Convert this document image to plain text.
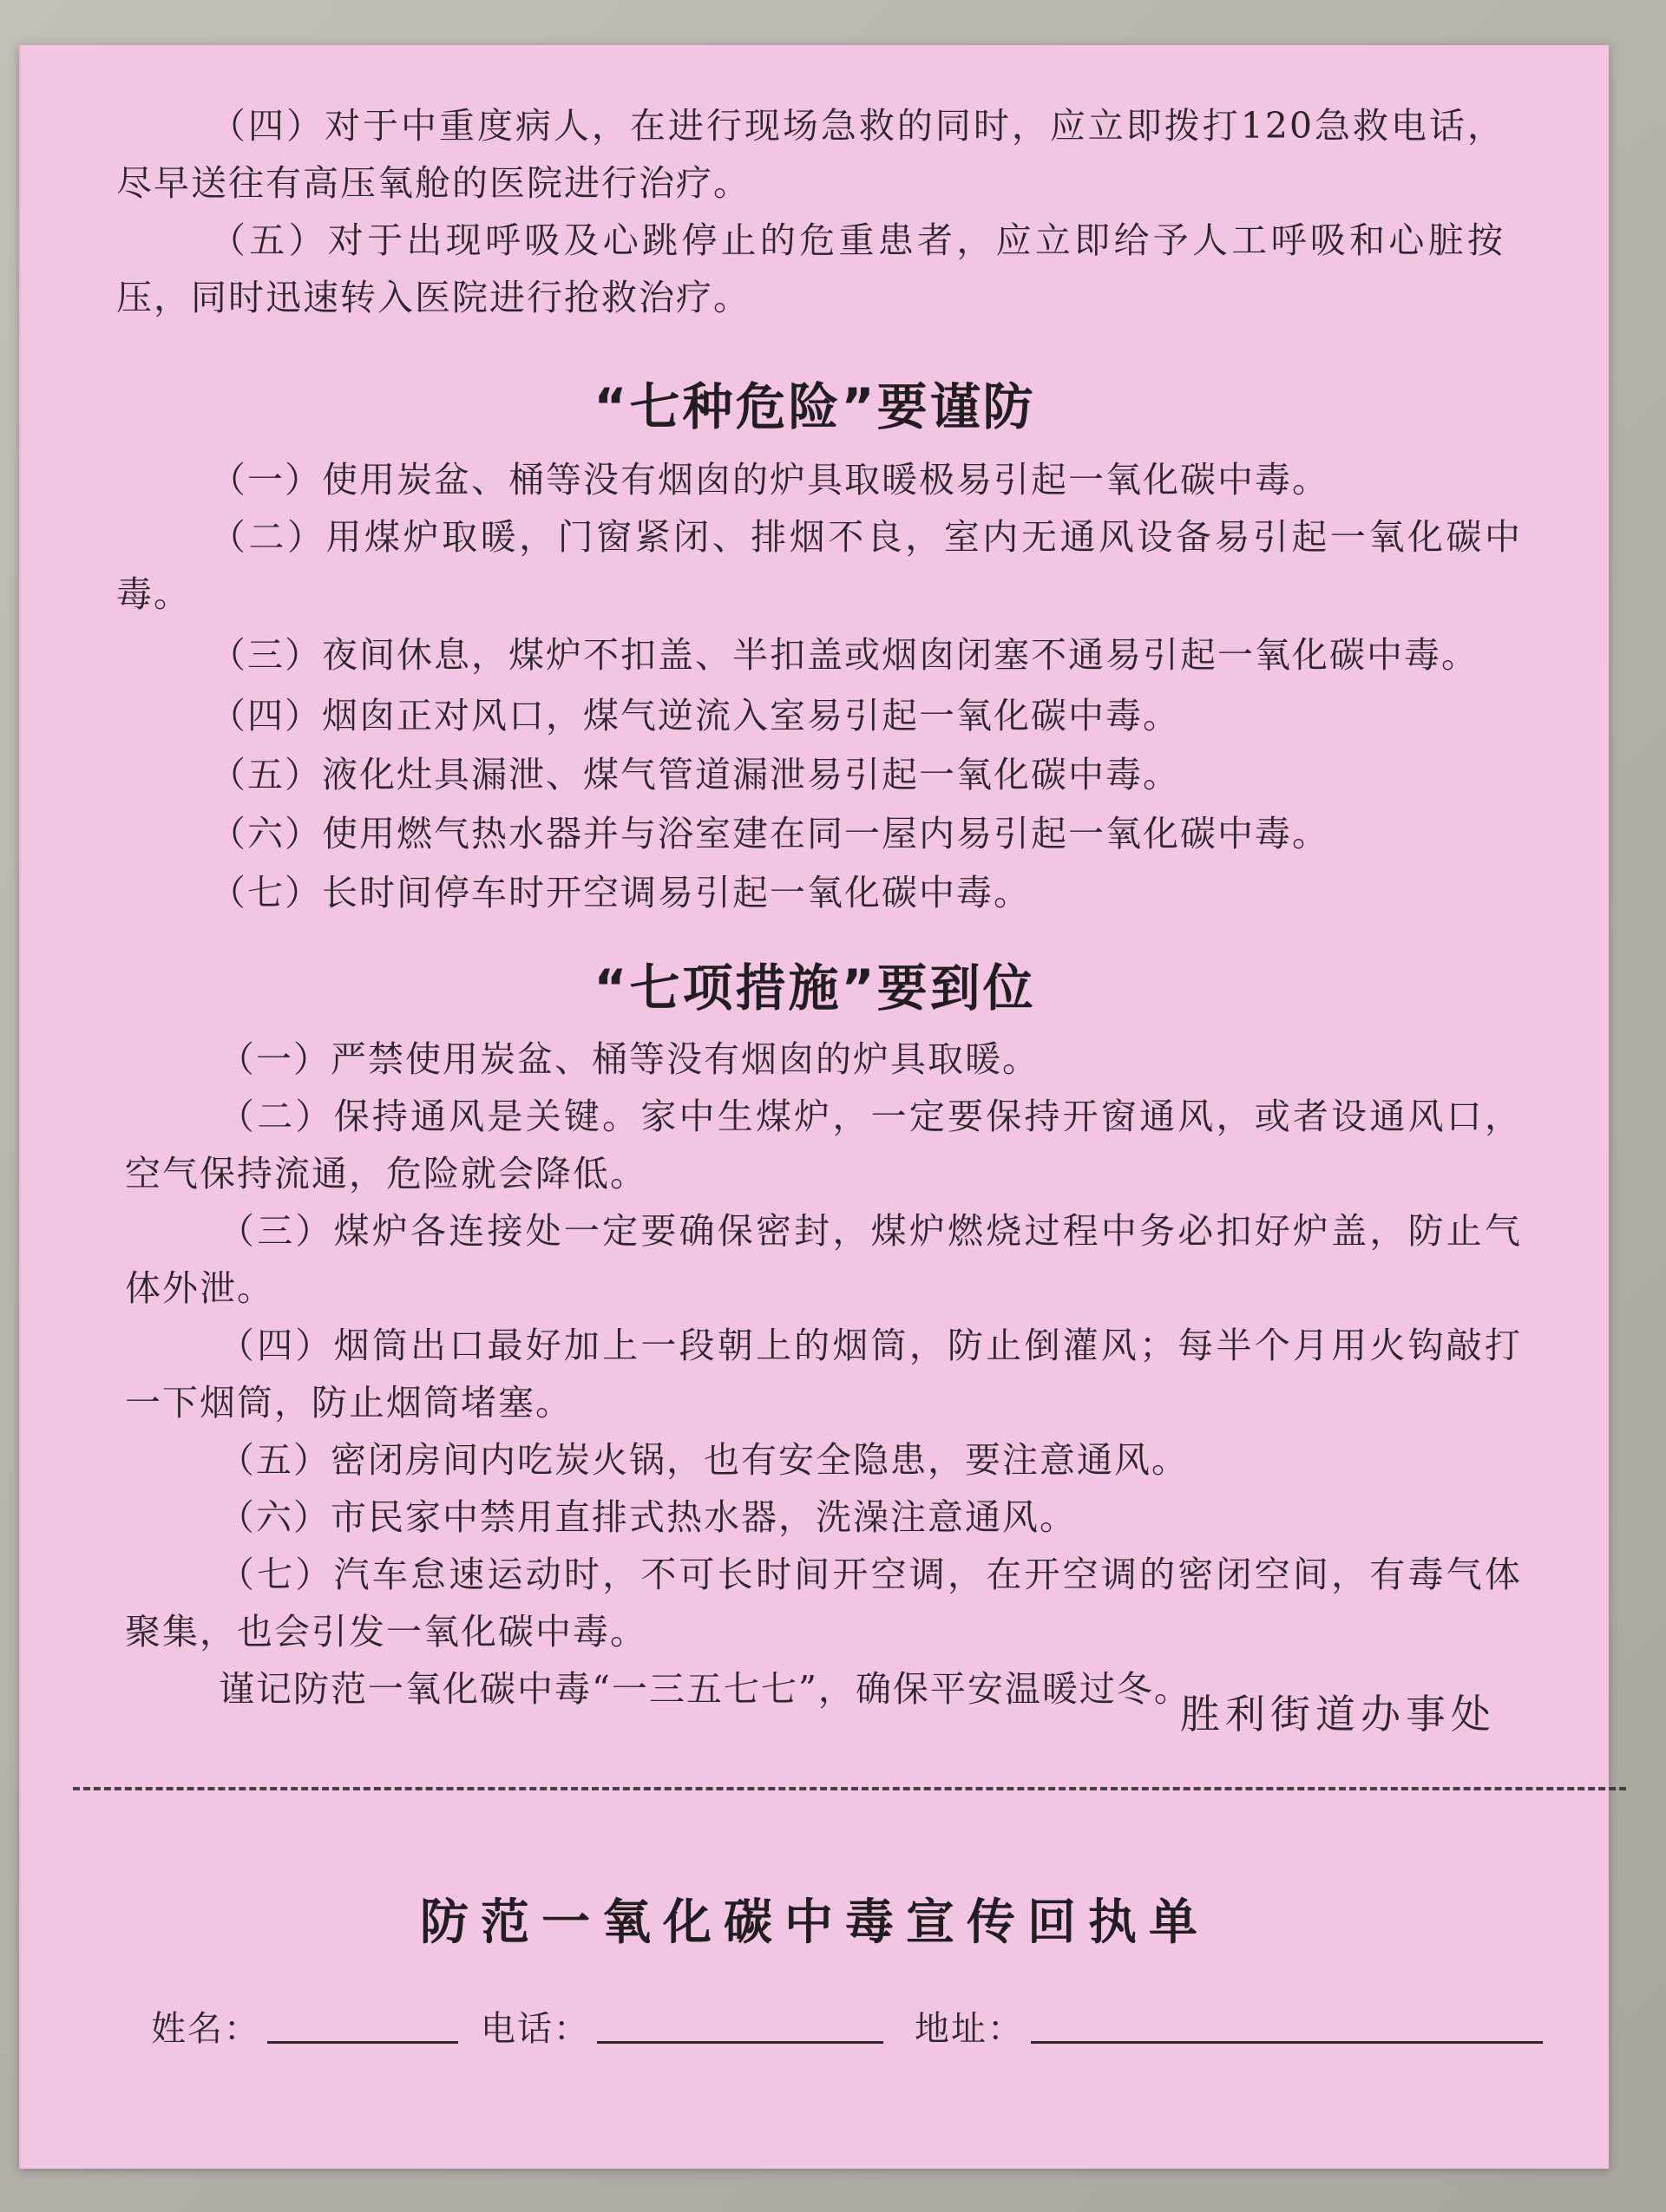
（四）对于中重度病人，在进行现场急救的同时，应立即拨打120急救电话，尽早送往有高压氧舱的医院进行治疗。

（五）对于出现呼吸及心跳停止的危重患者，应立即给予人工呼吸和心脏按压，同时迅速转入医院进行抢救治疗。

“七种危险”要谨防

（一）使用炭盆、桶等没有烟囱的炉具取暖极易引起一氧化碳中毒。

（二）用煤炉取暖，门窗紧闭、排烟不良，室内无通风设备易引起一氧化碳中毒。

（三）夜间休息，煤炉不扣盖、半扣盖或烟囱闭塞不通易引起一氧化碳中毒。

（四）烟囱正对风口，煤气逆流入室易引起一氧化碳中毒。

（五）液化灶具漏泄、煤气管道漏泄易引起一氧化碳中毒。

（六）使用燃气热水器并与浴室建在同一屋内易引起一氧化碳中毒。

（七）长时间停车时开空调易引起一氧化碳中毒。

“七项措施”要到位

（一）严禁使用炭盆、桶等没有烟囱的炉具取暖。

（二）保持通风是关键。家中生煤炉，一定要保持开窗通风，或者设通风口，空气保持流通，危险就会降低。

（三）煤炉各连接处一定要确保密封，煤炉燃烧过程中务必扣好炉盖，防止气体外泄。

（四）烟筒出口最好加上一段朝上的烟筒，防止倒灌风；每半个月用火钩敲打一下烟筒，防止烟筒堵塞。

（五）密闭房间内吃炭火锅，也有安全隐患，要注意通风。

（六）市民家中禁用直排式热水器，洗澡注意通风。

（七）汽车怠速运动时，不可长时间开空调，在开空调的密闭空间，有毒气体聚集，也会引发一氧化碳中毒。

谨记防范一氧化碳中毒“一三五七七”，确保平安温暖过冬。

胜利街道办事处

防范一氧化碳中毒宣传回执单
姓名：	电话：	地址：
